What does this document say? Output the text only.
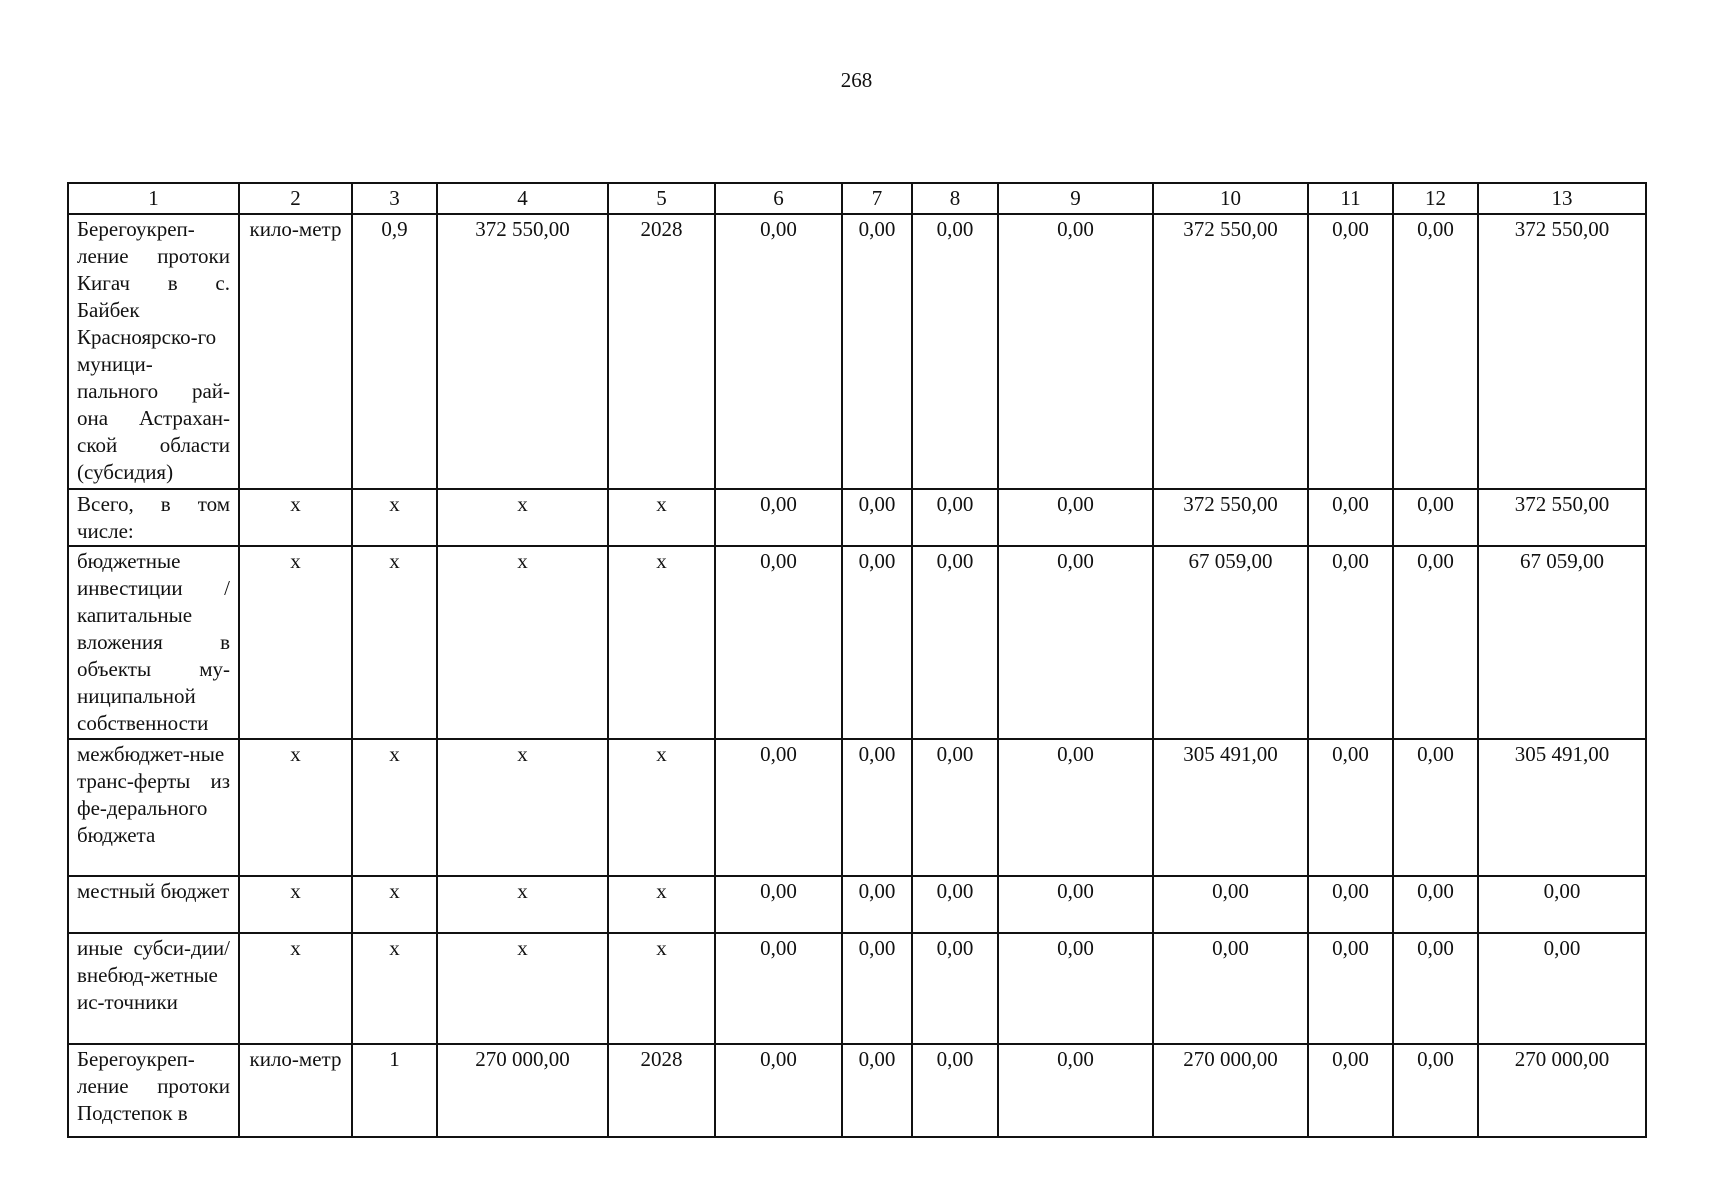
268
1	2	3	4	5	6	7	8	9	10	11	12	13
Берегоукреп-ление протоки Кигач в с. Байбек Красноярско-го муници-пального рай-она Астрахан-ской области (субсидия)	кило-метр	0,9	372 550,00	2028	0,00	0,00	0,00	0,00	372 550,00	0,00	0,00	372 550,00
Всего, в том числе:	х	х	х	х	0,00	0,00	0,00	0,00	372 550,00	0,00	0,00	372 550,00
бюджетные инвестиции / капитальные вложения в объекты му-ниципальной собственности	х	х	х	х	0,00	0,00	0,00	0,00	67 059,00	0,00	0,00	67 059,00
межбюджет-ные транс-ферты из фе-дерального бюджета	х	х	х	х	0,00	0,00	0,00	0,00	305 491,00	0,00	0,00	305 491,00
местный бюджет	х	х	х	х	0,00	0,00	0,00	0,00	0,00	0,00	0,00	0,00
иные субси-дии/ внебюд-жетные ис-точники	х	х	х	х	0,00	0,00	0,00	0,00	0,00	0,00	0,00	0,00
Берегоукреп-ление протоки Подстепок в	кило-метр	1	270 000,00	2028	0,00	0,00	0,00	0,00	270 000,00	0,00	0,00	270 000,00
